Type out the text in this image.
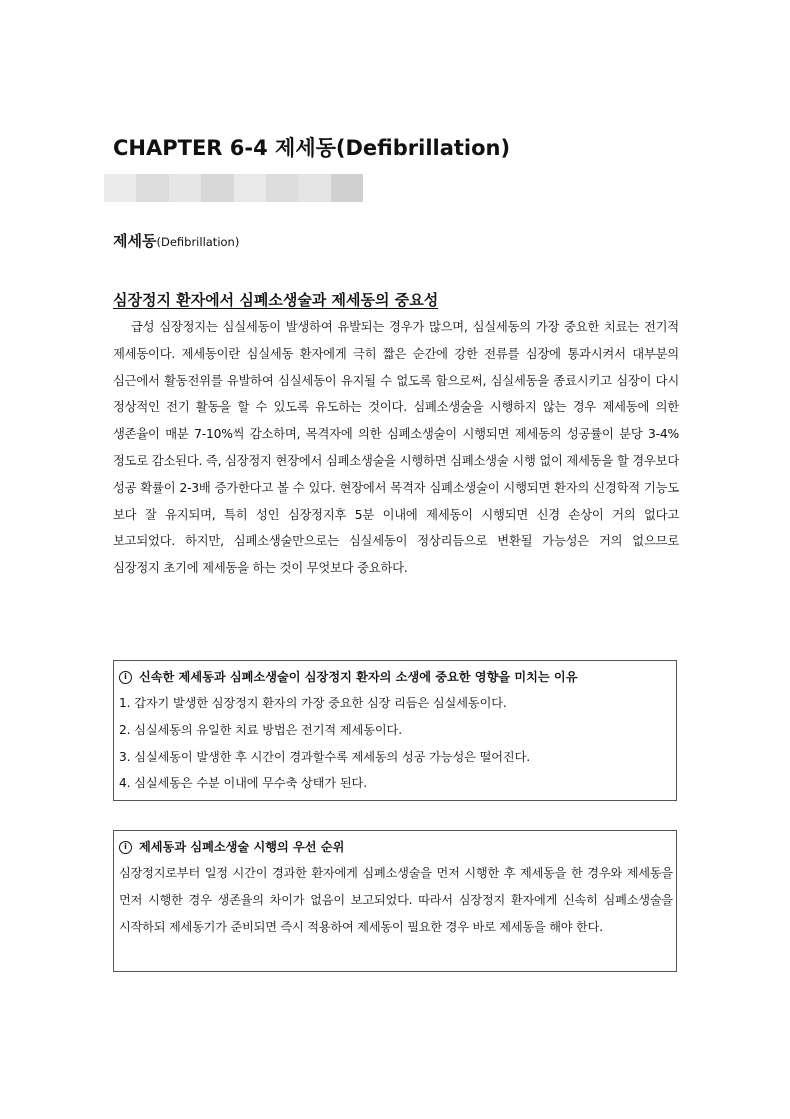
CHAPTER 6-4 제세동(Defibrillation)
제세동(Defibrillation)
심장정지 환자에서 심폐소생술과 제세동의 중요성

급성 심장정지는 심실세동이 발생하여 유발되는 경우가 많으며, 심실세동의 가장 중요한 치료는 전기적 제세동이다. 제세동이란 심실세동 환자에게 극히 짧은 순간에 강한 전류를 심장에 통과시켜서 대부분의 심근에서 활동전위를 유발하여 심실세동이 유지될 수 없도록 함으로써, 심실세동을 종료시키고 심장이 다시 정상적인 전기 활동을 할 수 있도록 유도하는 것이다. 심폐소생술을 시행하지 않는 경우 제세동에 의한 생존율이 매분 7-10%씩 감소하며, 목격자에 의한 심폐소생술이 시행되면 제세동의 성공률이 분당 3-4% 정도로 감소된다. 즉, 심장정지 현장에서 심폐소생술을 시행하면 심폐소생술 시행 없이 제세동을 할 경우보다 성공 확률이 2-3배 증가한다고 볼 수 있다. 현장에서 목격자 심폐소생술이 시행되면 환자의 신경학적 기능도 보다 잘 유지되며, 특히 성인 심장정지후 5분 이내에 제세동이 시행되면 신경 손상이 거의 없다고 보고되었다. 하지만, 심폐소생술만으로는 심실세동이 정상리듬으로 변환될 가능성은 거의 없으므로 심장정지 초기에 제세동을 하는 것이 무엇보다 중요하다.

i 신속한 제세동과 심폐소생술이 심장정지 환자의 소생에 중요한 영향을 미치는 이유
1. 갑자기 발생한 심장정지 환자의 가장 중요한 심장 리듬은 심실세동이다.
2. 심실세동의 유일한 치료 방법은 전기적 제세동이다.
3. 심실세동이 발생한 후 시간이 경과할수록 제세동의 성공 가능성은 떨어진다.
4. 심실세동은 수분 이내에 무수축 상태가 된다.
i 제세동과 심폐소생술 시행의 우선 순위

심장정지로부터 일정 시간이 경과한 환자에게 심폐소생술을 먼저 시행한 후 제세동을 한 경우와 제세동을 먼저 시행한 경우 생존율의 차이가 없음이 보고되었다. 따라서 심장정지 환자에게 신속히 심폐소생술을 시작하되 제세동기가 준비되면 즉시 적용하여 제세동이 필요한 경우 바로 제세동을 해야 한다.
